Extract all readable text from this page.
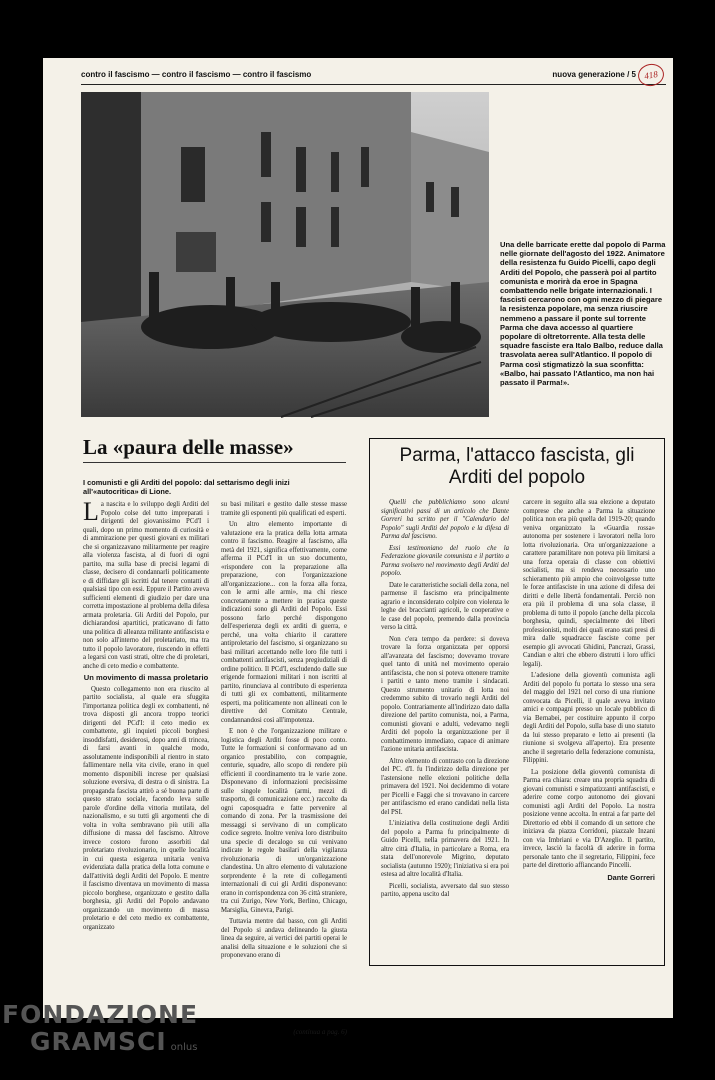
contro il fascismo — contro il fascismo — contro il fascismo	nuova generazione / 5 418

Una delle barricate erette dal popolo di Parma nelle giornate dell'agosto del 1922. Animatore della resistenza fu Guido Picelli, capo degli Arditi del Popolo, che passerà poi al partito comunista e morirà da eroe in Spagna combattendo nelle brigate internazionali. I fascisti cercarono con ogni mezzo di piegare la resistenza popolare, ma senza riuscire nemmeno a passare il ponte sul torrente Parma che dava accesso al quartiere popolare di oltretorrente. Alla testa delle squadre fasciste era Italo Balbo, reduce dalla trasvolata aerea sull'Atlantico. Il popolo di Parma così stigmatizzò la sua sconfitta: «Balbo, hai passato l'Atlantico, ma non hai passato il Parma!».

La «paura delle masse»

I comunisti e gli Arditi del popolo: dal settarismo degli inizi all'«autocritica» di Lione.

La nascita e lo sviluppo degli Arditi del Popolo colse del tutto impreparati i dirigenti del giovanissimo PCd'I i quali, dopo un primo momento di curiosità e di ammirazione per questi giovani ex militari che si organizzavano militarmente per reagire alla violenza fascista, al di fuori di ogni partito, ma sulla base di precisi legami di classe, decisero di condannarli politicamente e di diffidare gli iscritti dal tenere contatti di qualsiasi tipo con essi. Eppure il Partito aveva sufficienti elementi di giudizio per dare una corretta impostazione al problema della difesa armata proletaria. Gli Arditi del Popolo, pur dichiarandosi apartitici, praticavano di fatto una politica di alleanza militante antifascista e non solo all'interno del proletariato, ma tra tutto il popolo lavoratore, riuscendo in effetti a legarsi con vasti strati, oltre che di proletari, anche di ceto medio e combattente.

Un movimento di massa proletario

Questo collegamento non era riuscito al partito socialista, al quale era sfuggita l'importanza politica degli ex combattenti, né trova disposti gli ancora troppo teorici dirigenti del PCd'I: il ceto medio ex combattente, gli inquieti piccoli borghesi insoddisfatti, desiderosi, dopo anni di trincea, di farsi avanti in qualche modo, assolutamente indisponibili al rientro in stato fallimentare nella vita civile, erano in quel momento disponibili increse per qualsiasi soluzione eversiva, di destra o di sinistra. La propaganda fascista attirò a sé buona parte di questo strato sociale, facendo leva sulle parole d'ordine della vittoria mutilata, del nazionalismo, e su tutti gli argomenti che di volta in volta sembravano più utili alla diffusione di massa del fascismo. Altrove invece costoro furono assorbiti dal proletariato rivoluzionario, in quelle località in cui questa esigenza unitaria veniva evidenziata dalla pratica della lotta comune e dall'attività degli Arditi del Popolo. E mentre il fascismo diventava un movimento di massa piccolo borghese, organizzato e gestito dalla borghesia, gli Arditi del Popolo andavano organizzando un movimento di massa proletario e del ceto medio ex combattente, organizzato

su basi militari e gestito dalle stesse masse tramite gli esponenti più qualificati ed esperti.

Un altro elemento importante di valutazione era la pratica della lotta armata contro il fascismo. Reagire al fascismo, alla metà del 1921, significa effettivamente, come afferma il PCd'I in un suo documento, «rispondere con la preparazione alla preparazione, con l'organizzazione all'organizzazione... con la forza alla forza, con le armi alle armi», ma chi riesce concretamente a mettere in pratica queste indicazioni sono gli Arditi del Popolo. Essi possono farlo perché dispongono dell'esperienza degli ex arditi di guerra, e perché, una volta chiarito il carattere antiproletario del fascismo, si organizzano su basi militari accettando nelle loro file tutti i combattenti antifascisti, senza pregiudiziali di ordine politico. Il PCd'I, escludendo dalle sue erigende formazioni militari i non iscritti al partito, rinunciava al contributo di esperienza di tutti gli ex combattenti, militarmente esperti, ma politicamente non allineati con le direttive del Comitato Centrale, condannandosi così all'impotenza.

E non è che l'organizzazione militare e logistica degli Arditi fosse di poco conto. Tutte le formazioni si conformavano ad un organico prestabilito, con compagnie, centurie, squadre, allo scopo di rendere più efficienti il coordinamento tra le varie zone. Disponevano di informazioni precisissime sulle singole località (armi, mezzi di trasporto, di comunicazione ecc.) raccolte da ogni caposquadra e fatte pervenire al comando di zona. Per la trasmissione dei messaggi si servivano di un complicato codice segreto. Inoltre veniva loro distribuito una specie di decalogo su cui venivano indicate le regole basilari della vigilanza rivoluzionaria di un'organizzazione clandestina. Un altro elemento di valutazione sorprendente è la rete di collegamenti internazionali di cui gli Arditi disponevano: erano in corrispondenza con 36 città straniere, tra cui Zurigo, New York, Berlino, Chicago, Marsiglia, Ginevra, Parigi.

Tuttavia mentre dal basso, con gli Arditi del Popolo si andava delineando la giusta linea da seguire, ai vertici dei partiti operai le analisi della situazione e le soluzioni che si proponevano erano di

(continua a pag. 6)
Parma, l'attacco fascista, gli Arditi del popolo

Quelli che pubblichiamo sono alcuni significativi passi di un articolo che Dante Gorreri ha scritto per il "Calendario del Popolo" sugli Arditi del popolo e la difesa di Parma dal fascismo.

Essi testimoniano del ruolo che la Federazione giovanile comunista e il partito a Parma svolsero nel movimento degli Arditi del popolo.

Date le caratteristiche sociali della zona, nel parmense il fascismo era principalmente agrario e inconsiderato colpire con violenza le leghe dei braccianti agricoli, le cooperative e le case del popolo, premendo dalla provincia verso la città.

Non c'era tempo da perdere: si doveva trovare la forza organizzata per opporsi all'avanzata del fascismo; dovevamo trovare quel tanto di unità nel movimento operaio antifascista, che non si poteva ottenere tramite i partiti e tanto meno tramite i sindacati. Questo strumento unitario di lotta noi credemmo subito di trovarlo negli Arditi del popolo. Contrariamente all'indirizzo dato dalla direzione del partito comunista, noi, a Parma, comunisti giovani e adulti, vedevamo negli Arditi del popolo la organizzazione per il combattimento immediato, capace di animare l'azione unitaria antifascista.

Altro elemento di contrasto con la direzione del PC. d'I. fu l'indirizzo della direzione per l'astensione nelle elezioni politiche della primavera del 1921. Noi decidemmo di votare per Picelli e Faggi che si trovavano in carcere per antifascismo ed erano candidati nella lista del PSI.

L'iniziativa della costituzione degli Arditi del popolo a Parma fu principalmente di Guido Picelli, nella primavera del 1921. In altre città d'Italia, in particolare a Roma, era stata dell'onorevole Migrino, deputato socialista (autunno 1920); l'iniziativa si era poi estesa ad altre località d'Italia.

Picelli, socialista, avversato dal suo stesso partito, appena uscito dal

carcere in seguito alla sua elezione a deputato comprese che anche a Parma la situazione politica non era più quella del 1919-20; quando veniva organizzato la «Guardia rossa» autonoma per sostenere i lavoratori nella loro lotta rivoluzionaria. Ora un'organizzazione a carattere paramilitare non poteva più limitarsi a una forza operaia di classe con obiettivi socialisti, ma si rendeva necessario uno schieramento più ampio che coinvolgesse tutte le forze antifasciste in una azione di difesa dei diritti e delle libertà fondamentali. Perciò non era più il problema di una sola classe, il problema di tutto il popolo (anche della piccola borghesia, quindi, specialmente dei liberi professionisti, molti dei quali erano stati presi di mira dalle squadracce fasciste come per esempio gli avvocati Ghidini, Pancrazi, Grassi, Candian e altri che ebbero distrutti i loro uffici legali).

L'adesione della gioventù comunista agli Arditi del popolo fu portata lo stesso una sera del maggio del 1921 nel corso di una riunione convocata da Picelli, il quale aveva invitato amici e compagni presso un locale pubblico di via Bernabei, per costituire appunto il corpo degli Arditi del Popolo, sulla base di uno statuto da lui stesso preparato e letto ai presenti (la riunione si svolgeva all'aperto). Era presente anche il segretario della federazione comunista, Filippini.

La posizione della gioventù comunista di Parma era chiara: creare una propria squadra di giovani comunisti e simpatizzanti antifascisti, e aderire come corpo autonomo dei giovani comunisti agli Arditi del Popolo. La nostra posizione venne accolta. In entrai a far parte del Direttorio ed ebbi il comando di un settore che iniziava da piazza Corridoni, piazzale Inzani con via Imbriani e via D'Azeglio. Il partito, invece, lasciò la facoltà di aderire in forma personale tanto che il segretario, Filippini, fece parte del direttorio affiancando Pincelli.

Dante Gorreri

FONDAZIONE
GRAMSCI onlus
